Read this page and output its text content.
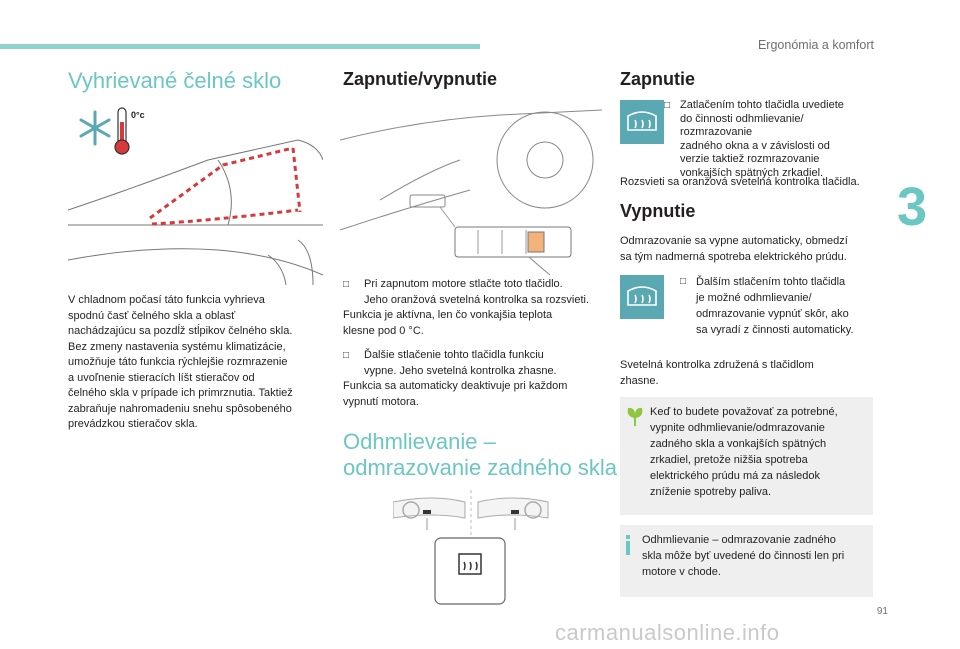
Ergonómia a komfort
3
Vyhrievané čelné sklo
0°c
V chladnom počasí táto funkcia vyhrieva
spodnú časť čelného skla a oblasť
nachádzajúcu sa pozdĺž stĺpikov čelného skla.
Bez zmeny nastavenia systému klimatizácie,
umožňuje táto funkcia rýchlejšie rozmrazenie
a uvoľnenie stieracích líšt stieračov od
čelného skla v prípade ich primrznutia. Taktiež
zabraňuje nahromadeniu snehu spôsobeného
prevádzkou stieračov skla.
Zapnutie/vypnutie
□ Pri zapnutom motore stlačte toto tlačidlo.
Jeho oranžová svetelná kontrolka sa rozsvieti.
Funkcia je aktívna, len čo vonkajšia teplota
klesne pod 0 °C.
□ Ďalšie stlačenie tohto tlačidla funkciu
vypne. Jeho svetelná kontrolka zhasne.
Funkcia sa automaticky deaktivuje pri každom
vypnutí motora.
Odhmlievanie –
odmrazovanie zadného skla
Zapnutie
□ Zatlačením tohto tlačidla uvediete
do činnosti odhmlievanie/
rozmrazovanie
zadného okna a v závislosti od
verzie taktiež rozmrazovanie
vonkajších spätných zrkadiel.
Rozsvieti sa oranžová svetelná kontrolka tlačidla.
Vypnutie
Odmrazovanie sa vypne automaticky, obmedzí
sa tým nadmerná spotreba elektrického prúdu.
□ Ďalším stlačením tohto tlačidla
je možné odhmlievanie/
odmrazovanie vypnúť skôr, ako
sa vyradí z činnosti automaticky.
Svetelná kontrolka združená s tlačidlom
zhasne.
Keď to budete považovať za potrebné,
vypnite odhmlievanie/odmrazovanie
zadného skla a vonkajších spätných
zrkadiel, pretože nižšia spotreba
elektrického prúdu má za následok
zníženie spotreby paliva.
Odhmlievanie – odmrazovanie zadného
skla môže byť uvedené do činnosti len pri
motore v chode.
91
carmanualsonline.info
